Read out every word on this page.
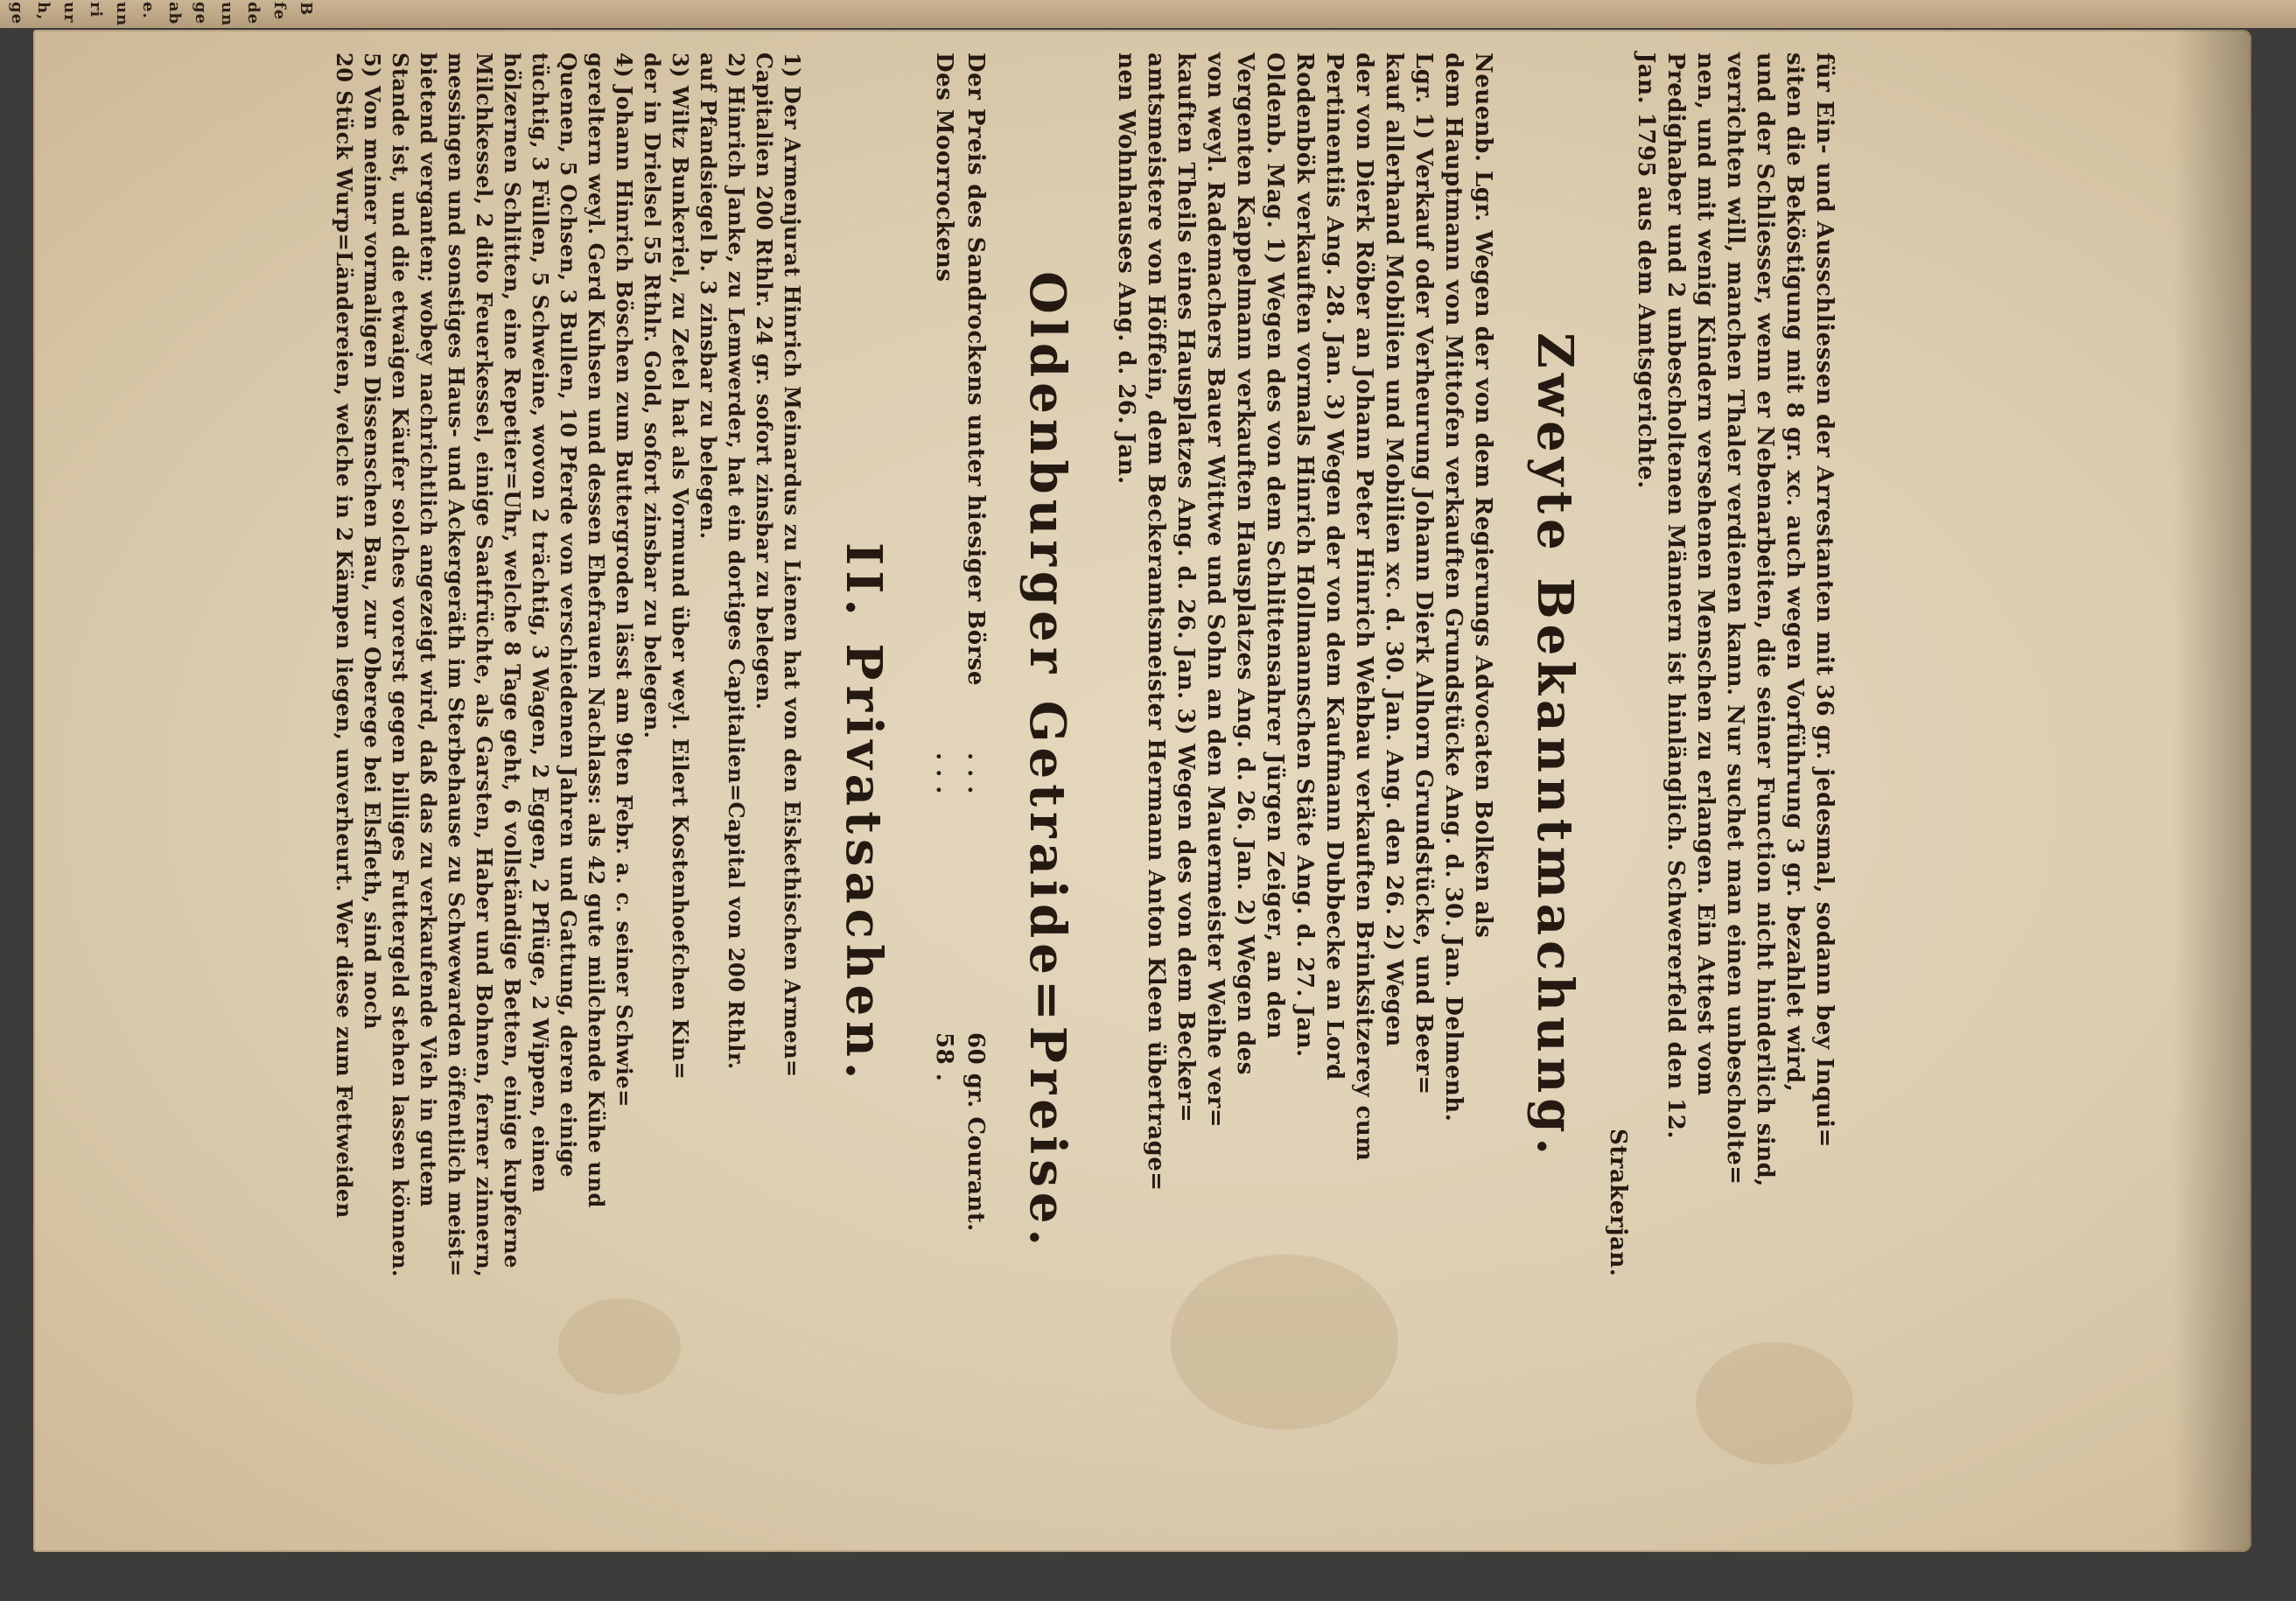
ge h, ur ri un e. ab ge un de fe B
für Ein- und Ausschliessen der Arrestanten mit 36 gr. jedesmal, sodann bey Inqui=
siten die Beköstigung mit 8 gr. xc. auch wegen Vorführung 3 gr. bezahlet wird,
und der Schliesser, wenn er Nebenarbeiten, die seiner Function nicht hinderlich sind,
verrichten will, manchen Thaler verdienen kann. Nur suchet man einen unbescholte=
nen, und mit wenig Kindern versehenen Menschen zu erlangen. Ein Attest vom
Predighaber und 2 unbescholtenen Männern ist hinlänglich. Schwererfeld den 12.
Jan. 1795 aus dem Amtsgerichte.
Strakerjan.
Zweyte Bekanntmachung.
Neuenb. Lgr. Wegen der von dem Regierungs Advocaten Bolken als
dem Hauptmann von Mittofen verkauften Grundstücke Ang. d. 30. Jan. Delmenh.
Lgr. 1) Verkauf oder Verheurung Johann Dierk Alhorn Grundstücke, und Beer=
kauf allerhand Mobilien und Mobilien xc. d. 30. Jan. Ang. den 26. 2) Wegen
der von Dierk Röber an Johann Peter Hinrich Wehbau verkauften Brinksitzerey cum
Pertinentiis Ang. 28. Jan. 3) Wegen der von dem Kaufmann Dubbecke an Lord
Rodenbök verkauften vormals Hinrich Hollmannschen Stäte Ang. d. 27. Jan.
Oldenb. Mag. 1) Wegen des von dem Schlittensahrer Jürgen Zeiger, an den
Vergenten Kappelmann verkauften Hausplatzes Ang. d. 26. Jan. 2) Wegen des
von weyl. Rademachers Bauer Wittwe und Sohn an den Mauermeister Weihe ver=
kauften Theils eines Hausplatzes Ang. d. 26. Jan. 3) Wegen des von dem Becker=
amtsmeistere von Höffein, dem Beckeramtsmeister Hermann Anton Kleen übertrage=
nen Wohnhauses Ang. d. 26. Jan.
Oldenburger Getraide=Preise.
Der Preis des Sandrockens unter hiesiger Börse
. . .
60 gr. Courant.
Des Moorrockens
. . .
58 .
II. Privatsachen.
1) Der Armenjurat Hinrich Meinardus zu Lienen hat von den Eiskethischen Armen=
Capitalien 200 Rthlr. 24 gr. sofort zinsbar zu belegen.
2) Hinrich Janke, zu Lemwerder, hat ein dortiges Capitalien=Capital von 200 Rthlr.
auf Pfandsiegel b. 3 zinsbar zu belegen.
3) Wiltz Bunkeriel, zu Zetel hat als Vormund über weyl. Eilert Kostenhoefchen Kin=
der in Drielsel 55 Rthlr. Gold, sofort zinsbar zu belegen.
4) Johann Hinrich Böschen zum Buttergroden lässt am 9ten Febr. a. c. seiner Schwie=
gereltern weyl. Gerd Kuhsen und dessen Ehefrauen Nachlass: als 42 gute milchende Kühe und
Quenen, 5 Ochsen, 3 Bullen, 10 Pferde von verschiedenen Jahren und Gattung, deren einige
tüchtig, 3 Füllen, 5 Schweine, wovon 2 trächtig, 3 Wagen, 2 Eggen, 2 Pflüge, 2 Wippen, einen
hölzernen Schlitten, eine Repetier=Uhr, welche 8 Tage geht, 6 vollständige Betten, einige kupferne
Milchkessel, 2 dito Feuerkessel, einige Saatfrüchte, als Garsten, Haber und Bohnen, ferner zinnern,
messingen und sonstiges Haus- und Ackergeräth im Sterbehause zu Schwewarden öffentlich meist=
bietend verganten; wobey nachrichtlich angezeigt wird, daß das zu verkaufende Vieh in gutem
Stande ist, und die etwaigen Käufer solches vorerst gegen billiges Futtergeld stehen lassen können.
5) Von meiner vormaligen Dissenschen Bau, zur Oberege bei Elsfleth, sind noch
20 Stück Wurp=Ländereien, welche in 2 Kämpen liegen, unverheurt. Wer diese zum Fettweiden
